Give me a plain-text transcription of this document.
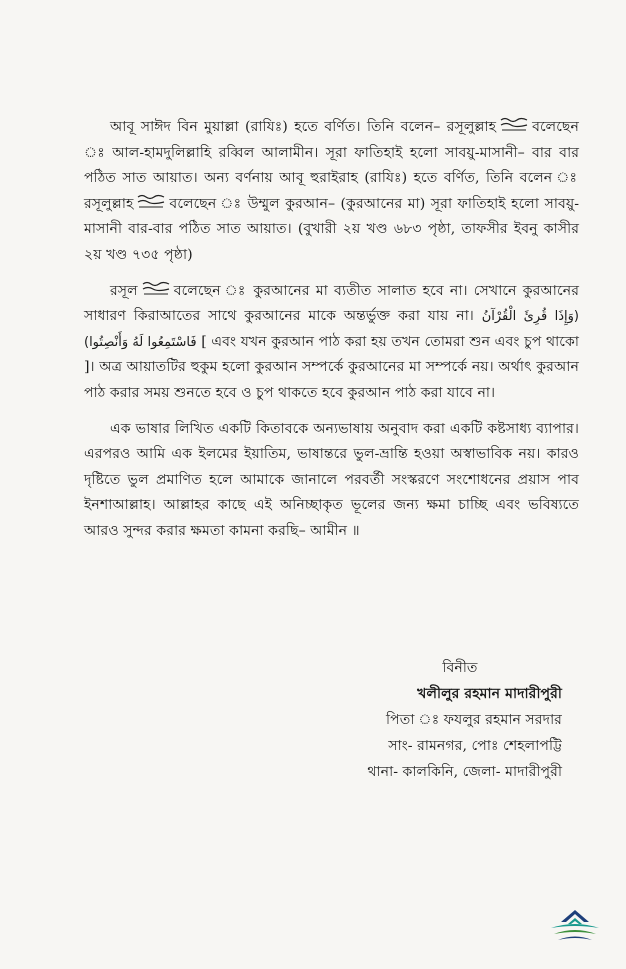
আবূ সাঈদ বিন মুয়াল্লা (রাযিঃ) হতে বর্ণিত। তিনি বলেন– রসূলুল্লাহ	বলেছেন ঃ আল-হামদুলিল্লাহি রব্বিল আলামীন। সূরা ফাতিহাই হলো সাবয়ু-মাসানী– বার বার পঠিত সাত আয়াত। অন্য বর্ণনায় আবূ হুরাইরাহ (রাযিঃ) হতে বর্ণিত, তিনি বলেন ঃ রসূলুল্লাহ	বলেছেন ঃ উম্মুল কুরআন– (কুরআনের মা) সূরা ফাতিহাই হলো সাবয়ু-মাসানী বার-বার পঠিত সাত আয়াত। (বুখারী ২য় খণ্ড ৬৮৩ পৃষ্ঠা, তাফসীর ইবনু কাসীর ২য় খণ্ড ৭৩৫ পৃষ্ঠা)

রসূল	বলেছেন ঃ কুরআনের মা ব্যতীত সালাত হবে না। সেখানে কুরআনের সাধারণ কিরাআতের সাথে কুরআনের মাকে অন্তর্ভুক্ত করা যায় না। (وَإِذَا قُرِئَ الْقُرْآنُ فَاسْتَمِعُوا لَهُ وَأَنْصِتُوا) [ এবং যখন কুরআন পাঠ করা হয় তখন তোমরা শুন এবং চুপ থাকো ]। অত্র আয়াতটির হুকুম হলো কুরআন সম্পর্কে কুরআনের মা সম্পর্কে নয়। অর্থাৎ কুরআন পাঠ করার সময় শুনতে হবে ও চুপ থাকতে হবে কুরআন পাঠ করা যাবে না।

এক ভাষার লিখিত একটি কিতাবকে অন্যভাষায় অনুবাদ করা একটি কষ্টসাধ্য ব্যাপার। এরপরও আমি এক ইলমের ইয়াতিম, ভাষান্তরে ভুল-ভ্রান্তি হওয়া অস্বাভাবিক নয়। কারও দৃষ্টিতে ভুল প্রমাণিত হলে আমাকে জানালে পরবর্তী সংস্করণে সংশোধনের প্রয়াস পাব ইনশাআল্লাহ। আল্লাহর কাছে এই অনিচ্ছাকৃত ভূলের জন্য ক্ষমা চাচ্ছি এবং ভবিষ্যতে আরও সুন্দর করার ক্ষমতা কামনা করছি– আমীন ॥

বিনীত
খলীলুর রহমান মাদারীপুরী
পিতা ঃ ফযলুর রহমান সরদার
সাং- রামনগর, পোঃ শেহলাপট্টি
থানা- কালকিনি, জেলা- মাদারীপুরী
